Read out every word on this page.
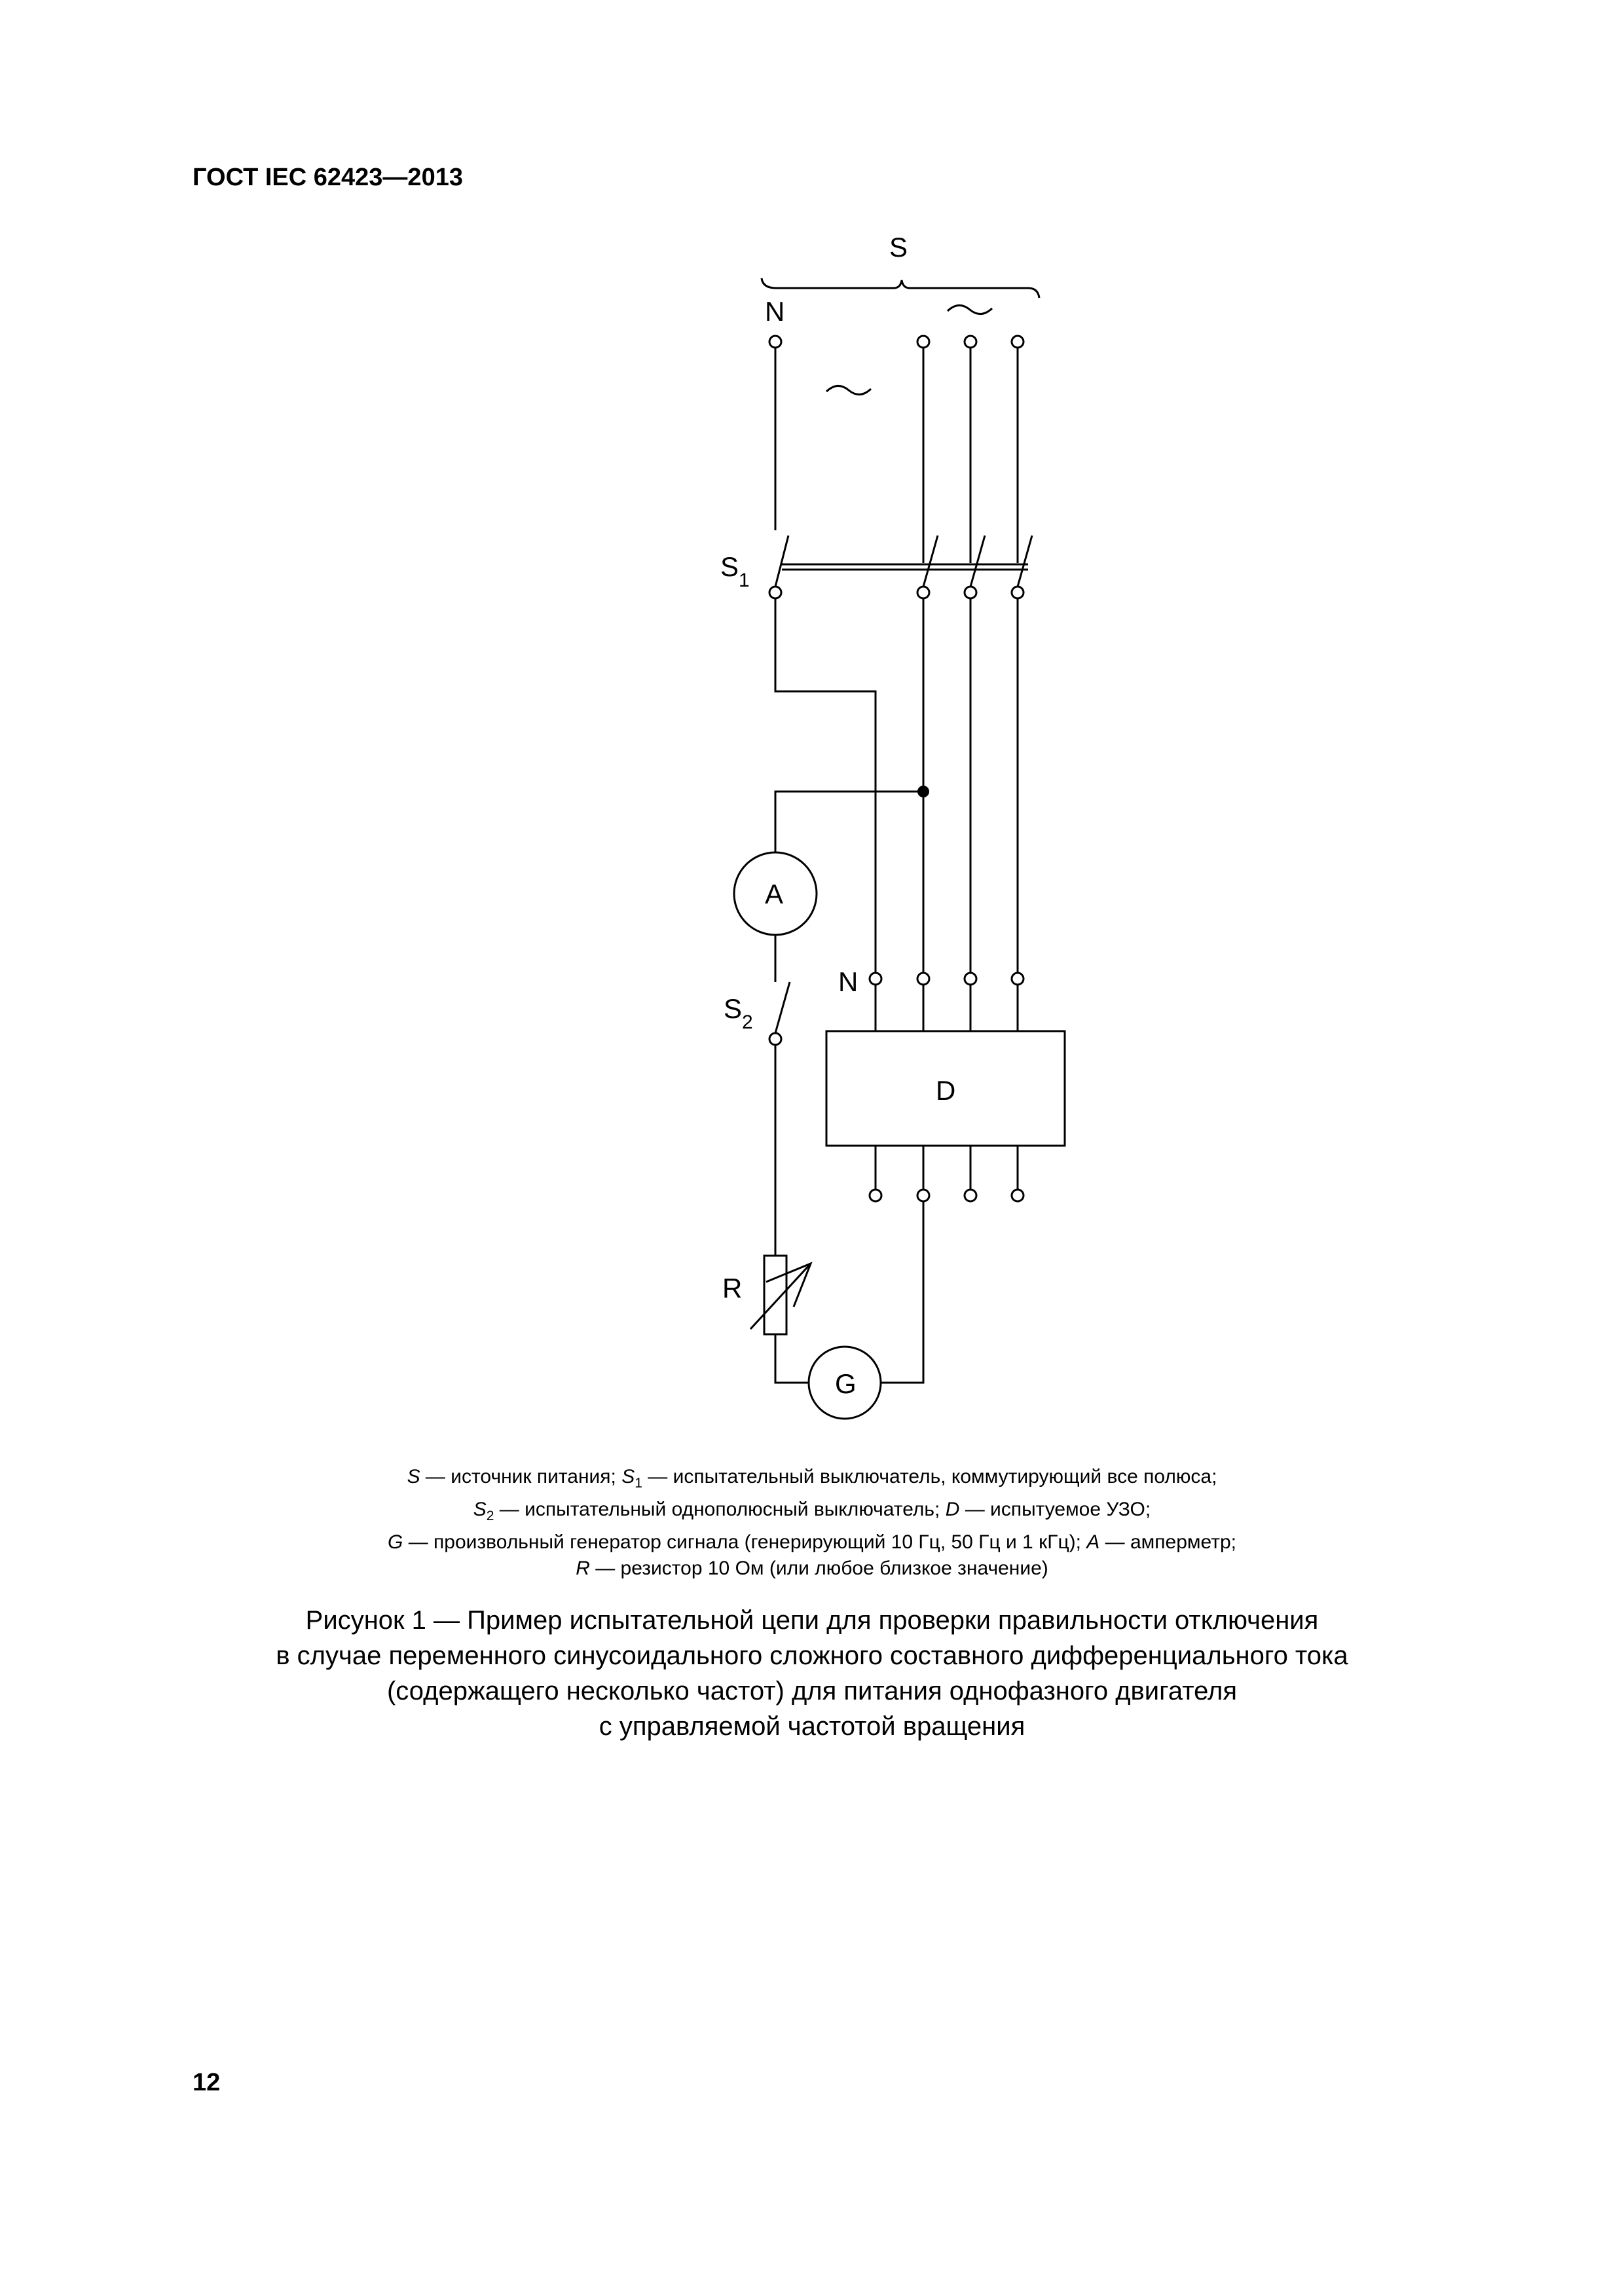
ГОСТ IEC 62423—2013
S
N
S 1
A
N
S 2
D
R
G
S — источник питания; $S_1$ — испытательный выключатель, коммутирующий все полюса;
$S_2$ — испытательный однополюсный выключатель; D — испытуемое УЗО;
G — произвольный генератор сигнала (генерирующий 10 Гц, 50 Гц и 1 кГц); A — амперметр;
R — резистор 10 Ом (или любое близкое значение)
Рисунок 1 — Пример испытательной цепи для проверки правильности отключения
в случае переменного синусоидального сложного составного дифференциального тока
(содержащего несколько частот) для питания однофазного двигателя
с управляемой частотой вращения
12
